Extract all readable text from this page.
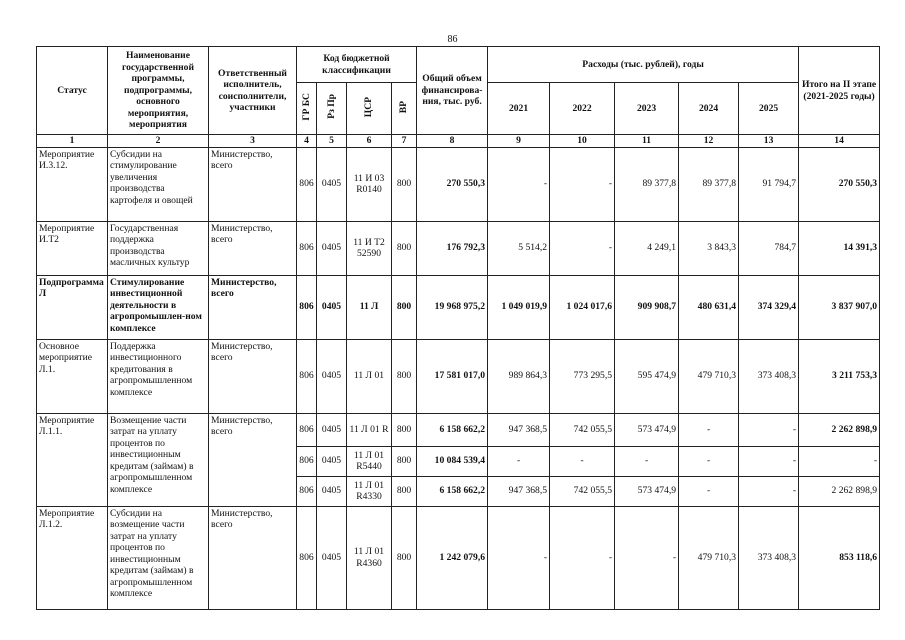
86
Статус	Наименование государственной программы, подпрограммы, основного мероприятия, мероприятия	Ответственный исполнитель, соисполнители, участники	Код бюджетной классификации				Общий объем финансирова-ния, тыс. руб.	Расходы (тыс. рублей), годы					Итого на II этапе (2021-2025 годы)
			ГР БС	Рз Пр	ЦСР	ВР		2021	2022	2023	2024	2025	
1	2	3	4	5	6	7	8	9	10	11	12	13	14
Мероприятие И.3.12.	Субсидии на стимулирование увеличения производства картофеля и овощей	Министерство, всего	806	0405	11 И 03 R0140	800	270 550,3	-	-	89 377,8	89 377,8	91 794,7	270 550,3
Мероприятие И.Т2	Государственная поддержка производства масличных культур	Министерство, всего	806	0405	11 И Т2 52590	800	176 792,3	5 514,2	-	4 249,1	3 843,3	784,7	14 391,3
Подпрограмма Л	Стимулирование инвестиционной деятельности в агропромышлен-ном комплексе	Министерство, всего	806	0405	11 Л	800	19 968 975,2	1 049 019,9	1 024 017,6	909 908,7	480 631,4	374 329,4	3 837 907,0
Основное мероприятие Л.1.	Поддержка инвестиционного кредитования в агропромышленном комплексе	Министерство, всего	806	0405	11 Л 01	800	17 581 017,0	989 864,3	773 295,5	595 474,9	479 710,3	373 408,3	3 211 753,3
Мероприятие Л.1.1.	Возмещение части затрат на уплату процентов по инвестиционным кредитам (займам) в агропромышленном комплексе	Министерство, всего	806	0405	11 Л 01 R	800	6 158 662,2	947 368,5	742 055,5	573 474,9	-	-	2 262 898,9
			806	0405	11 Л 01 R5440	800	10 084 539,4	-	-	-	-	-	-
			806	0405	11 Л 01 R4330	800	6 158 662,2	947 368,5	742 055,5	573 474,9	-	-	2 262 898,9
Мероприятие Л.1.2.	Субсидии на возмещение части затрат на уплату процентов по инвестиционным кредитам (займам) в агропромышленном комплексе	Министерство, всего	806	0405	11 Л 01 R4360	800	1 242 079,6	-	-	-	479 710,3	373 408,3	853 118,6
